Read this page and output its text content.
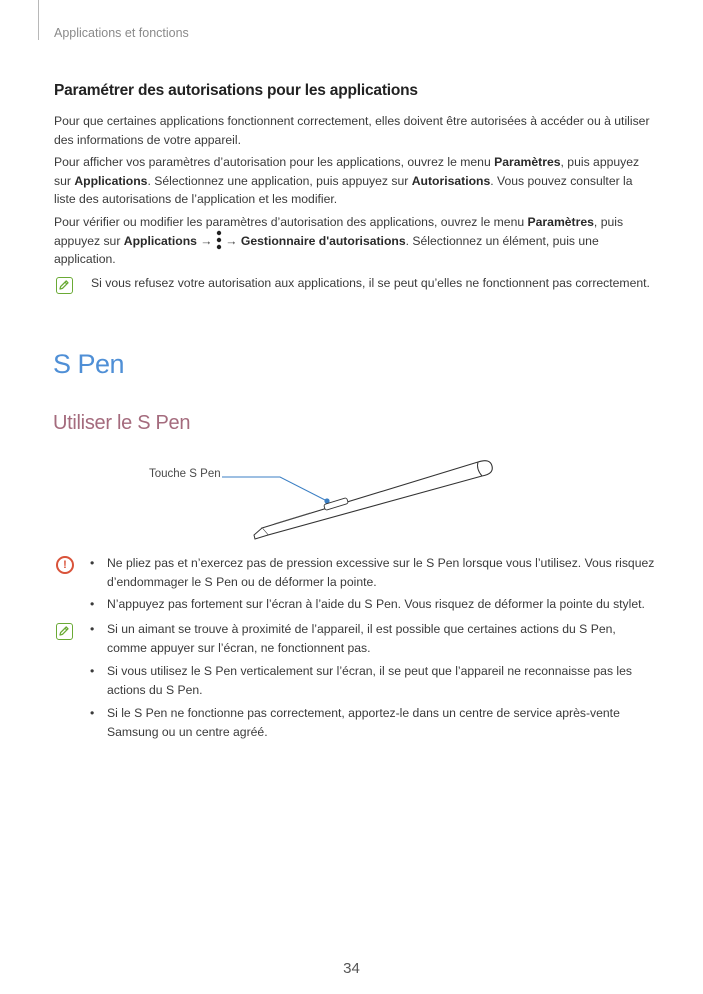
Applications et fonctions
Paramétrer des autorisations pour les applications
Pour que certaines applications fonctionnent correctement, elles doivent être autorisées à accéder ou à utiliser des informations de votre appareil.
Pour afficher vos paramètres d’autorisation pour les applications, ouvrez le menu Paramètres, puis appuyez sur Applications. Sélectionnez une application, puis appuyez sur Autorisations. Vous pouvez consulter la liste des autorisations de l’application et les modifier.
Pour vérifier ou modifier les paramètres d’autorisation des applications, ouvrez le menu Paramètres, puis appuyez sur Applications →
→ Gestionnaire d'autorisations. Sélectionnez un élément, puis une application.
Si vous refusez votre autorisation aux applications, il se peut qu’elles ne fonctionnent pas correctement.
S Pen
Utiliser le S Pen
Touche S Pen
!	• Ne pliez pas et n’exercez pas de pression excessive sur le S Pen lorsque vous l’utilisez. Vous risquez d’endommager le S Pen ou de déformer la pointe.
• N’appuyez pas fortement sur l’écran à l’aide du S Pen. Vous risquez de déformer la pointe du stylet.
• Si un aimant se trouve à proximité de l’appareil, il est possible que certaines actions du S Pen, comme appuyer sur l’écran, ne fonctionnent pas.
• Si vous utilisez le S Pen verticalement sur l’écran, il se peut que l’appareil ne reconnaisse pas les actions du S Pen.
• Si le S Pen ne fonctionne pas correctement, apportez-le dans un centre de service après-vente Samsung ou un centre agréé.
34
